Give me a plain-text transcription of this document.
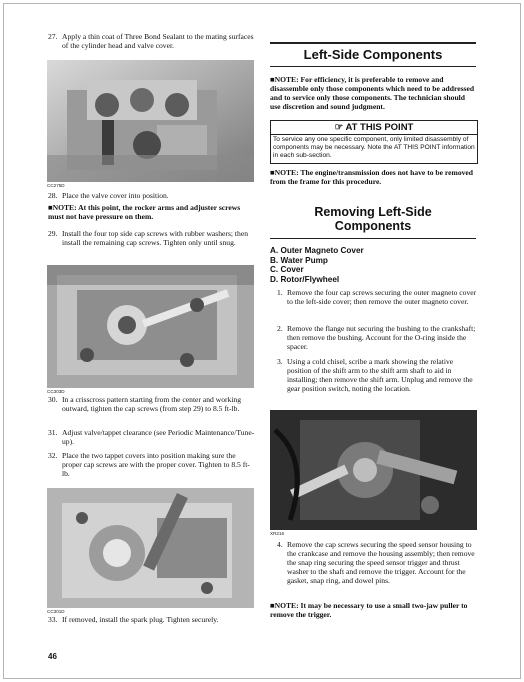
27. Apply a thin coat of Three Bond Sealant to the mating surfaces of the cylinder head and valve cover.
CC275D
28. Place the valve cover into position.
■NOTE: At this point, the rocker arms and adjuster screws must not have pressure on them.
29. Install the four top side cap screws with rubber washers; then install the remaining cap screws. Tighten only until snug.
CC303D
30. In a crisscross pattern starting from the center and working outward, tighten the cap screws (from step 29) to 8.5 ft-lb.
31. Adjust valve/tappet clearance (see Periodic Maintenance/Tune-up).
32. Place the two tappet covers into position making sure the proper cap screws are with the proper cover. Tighten to 8.5 ft-lb.
CC301D
33. If removed, install the spark plug. Tighten securely.
46
Left-Side Components
■NOTE: For efficiency, it is preferable to remove and disassemble only those components which need to be addressed and to service only those components. The technician should use discretion and sound judgment.
☞ AT THIS POINT
To service any one specific component, only limited disassembly of components may be necessary. Note the AT THIS POINT information in each sub-section.
■NOTE: The engine/transmission does not have to be removed from the frame for this procedure.
Removing Left-Side
Components
A. Outer Magneto Cover
B. Water Pump
C. Cover
D. Rotor/Flywheel
1. Remove the four cap screws securing the outer magneto cover to the left-side cover; then remove the outer magneto cover.
2. Remove the flange nut securing the bushing to the crankshaft; then remove the bushing. Account for the O-ring inside the spacer.
3. Using a cold chisel, scribe a mark showing the relative position of the shift arm to the shift arm shaft to aid in installing; then remove the shift arm. Unplug and remove the gear position switch, noting the location.
XR216
4. Remove the cap screws securing the speed sensor housing to the crankcase and remove the housing assembly; then remove the snap ring securing the speed sensor trigger and thrust washer to the shaft and remove the trigger. Account for the gasket, snap ring, and dowel pins.
■NOTE: It may be necessary to use a small two-jaw puller to remove the trigger.
